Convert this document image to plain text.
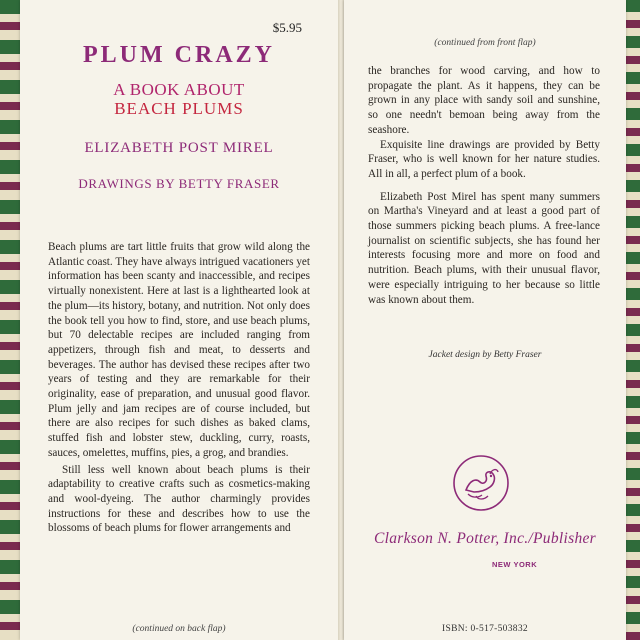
$5.95
PLUM CRAZY
A BOOK ABOUT
BEACH PLUMS
ELIZABETH POST MIREL
DRAWINGS BY BETTY FRASER

Beach plums are tart little fruits that grow wild along the Atlantic coast. They have always intrigued vacationers yet information has been scanty and inaccessible, and recipes virtually nonexistent. Here at last is a lighthearted look at the plum—its history, botany, and nutrition. Not only does the book tell you how to find, store, and use beach plums, but 70 delectable recipes are included ranging from appetizers, through fish and meat, to desserts and beverages. The author has devised these recipes after two years of testing and they are remarkable for their originality, ease of preparation, and unusual good flavor. Plum jelly and jam recipes are of course included, but there are also recipes for such dishes as baked clams, stuffed fish and lobster stew, duckling, curry, roasts, sauces, omelettes, muffins, pies, a grog, and brandies.

Still less well known about beach plums is their adaptability to creative crafts such as cosmetics-making and wool-dyeing. The author charmingly provides instructions for these and describes how to use the blossoms of beach plums for flower arrangements and

(continued on back flap)
(continued from front flap)

the branches for wood carving, and how to propagate the plant. As it happens, they can be grown in any place with sandy soil and sunshine, so one needn't bemoan being away from the seashore.

Exquisite line drawings are provided by Betty Fraser, who is well known for her nature studies. All in all, a perfect plum of a book.

Elizabeth Post Mirel has spent many summers on Martha's Vineyard and at least a good part of those summers picking beach plums. A free-lance journalist on scientific subjects, she has found her interests focusing more and more on food and nutrition. Beach plums, with their unusual flavor, were especially intriguing to her because so little was known about them.

Jacket design by Betty Fraser
Clarkson N. Potter, Inc./Publisher
NEW YORK
ISBN: 0-517-503832
